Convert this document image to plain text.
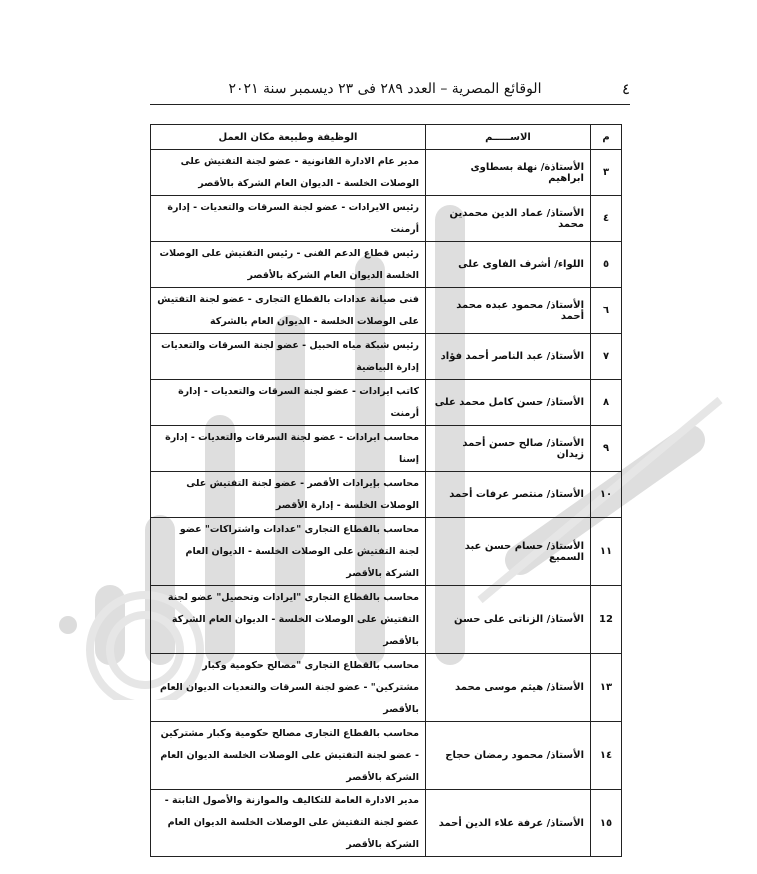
٤
الوقائع المصرية – العدد ٢٨٩ فى ٢٣ ديسمبر سنة ٢٠٢١
م	الاســـــم	الوظيفة وطبيعة مكان العمل
٣	الأستاذة/ نهلة بسطاوى ابراهيم	مدير عام الادارة القانونية - عضو لجنة التفتيش على الوصلات الخلسة - الديوان العام الشركة بالأقصر
٤	الأستاذ/ عماد الدين محمدين محمد	رئيس الايرادات - عضو لجنة السرقات والتعديات - إدارة أرمنت
٥	اللواء/ أشرف الفاوى على	رئيس قطاع الدعم الفنى - رئيس التفتيش على الوصلات الخلسة الديوان العام الشركة بالأقصر
٦	الأستاذ/ محمود عبده محمد أحمد	فنى صيانة عدادات بالقطاع التجارى - عضو لجنة التفتيش على الوصلات الخلسة - الديوان العام بالشركة
٧	الأستاذ/ عبد الناصر أحمد فؤاد	رئيس شبكة مياه الحبيل - عضو لجنة السرقات والتعديات إدارة البياضية
٨	الأستاذ/ حسن كامل محمد على	كاتب ايرادات - عضو لجنة السرقات والتعديات - إدارة أرمنت
٩	الأستاذ/ صالح حسن أحمد زيدان	محاسب ايرادات - عضو لجنة السرقات والتعديات - إدارة إسنا
١٠	الأستاذ/ منتصر عرفات أحمد	محاسب بإيرادات الأقصر - عضو لجنة التفتيش على الوصلات الخلسة - إدارة الأقصر
١١	الأستاذ/ حسام حسن عبد السميع	محاسب بالقطاع التجارى "عدادات واشتراكات" عضو لجنة التفتيش على الوصلات الخلسة - الديوان العام الشركة بالأقصر
12	الأستاذ/ الزناتى على حسن	محاسب بالقطاع التجارى "ايرادات وتحصيل" عضو لجنة التفتيش على الوصلات الخلسة - الديوان العام الشركة بالأقصر
١٣	الأستاذ/ هيثم موسى محمد	محاسب بالقطاع التجارى "مصالح حكومية وكبار مشتركين" - عضو لجنة السرقات والتعديات الديوان العام بالأقصر
١٤	الأستاذ/ محمود رمضان حجاج	محاسب بالقطاع التجارى مصالح حكومية وكبار مشتركين - عضو لجنة التفتيش على الوصلات الخلسة الديوان العام الشركة بالأقصر
١٥	الأستاذ/ عرفة علاء الدين أحمد	مدير الادارة العامة للتكاليف والموازنة والأصول الثابتة - عضو لجنة التفتيش على الوصلات الخلسة الديوان العام الشركة بالأقصر
